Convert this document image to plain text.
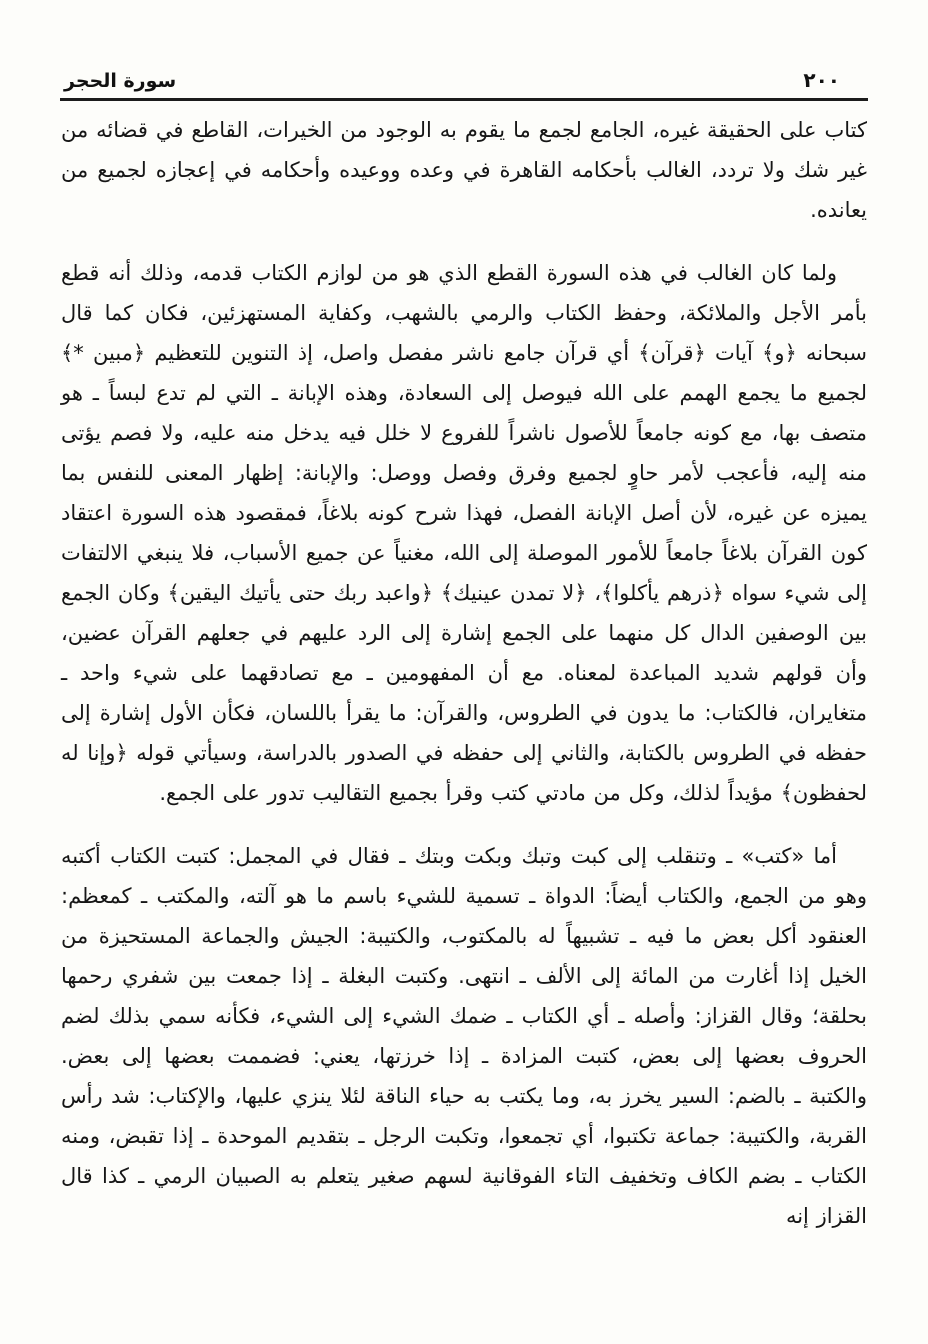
سورة الحجر	٢٠٠

كتاب على الحقيقة غيره، الجامع لجمع ما يقوم به الوجود من الخيرات، القاطع في قضائه من غير شك ولا تردد، الغالب بأحكامه القاهرة في وعده ووعيده وأحكامه في إعجازه لجميع من يعانده.

ولما كان الغالب في هذه السورة القطع الذي هو من لوازم الكتاب قدمه، وذلك أنه قطع بأمر الأجل والملائكة، وحفظ الكتاب والرمي بالشهب، وكفاية المستهزئين، فكان كما قال سبحانه ﴿و﴾ آيات ﴿قرآن﴾ أي قرآن جامع ناشر مفصل واصل، إذ التنوين للتعظيم ﴿مبين *﴾ لجميع ما يجمع الهمم على الله فيوصل إلى السعادة، وهذه الإبانة ـ التي لم تدع لبساً ـ هو متصف بها، مع كونه جامعاً للأصول ناشراً للفروع لا خلل فيه يدخل منه عليه، ولا فصم يؤتى منه إليه، فأعجب لأمر حاوٍ لجميع وفرق وفصل ووصل: والإبانة: إظهار المعنى للنفس بما يميزه عن غيره، لأن أصل الإبانة الفصل، فهذا شرح كونه بلاغاً، فمقصود هذه السورة اعتقاد كون القرآن بلاغاً جامعاً للأمور الموصلة إلى الله، مغنياً عن جميع الأسباب، فلا ينبغي الالتفات إلى شيء سواه ﴿ذرهم يأكلوا﴾، ﴿لا تمدن عينيك﴾ ﴿واعبد ربك حتى يأتيك اليقين﴾ وكان الجمع بين الوصفين الدال كل منهما على الجمع إشارة إلى الرد عليهم في جعلهم القرآن عضين، وأن قولهم شديد المباعدة لمعناه. مع أن المفهومين ـ مع تصادقهما على شيء واحد ـ متغايران، فالكتاب: ما يدون في الطروس، والقرآن: ما يقرأ باللسان، فكأن الأول إشارة إلى حفظه في الطروس بالكتابة، والثاني إلى حفظه في الصدور بالدراسة، وسيأتي قوله ﴿وإنا له لحفظون﴾ مؤيداً لذلك، وكل من مادتي كتب وقرأ بجميع التقاليب تدور على الجمع.

أما «كتب» ـ وتنقلب إلى كبت وتبك وبكت وبتك ـ فقال في المجمل: كتبت الكتاب أكتبه وهو من الجمع، والكتاب أيضاً: الدواة ـ تسمية للشيء باسم ما هو آلته، والمكتب ـ كمعظم: العنقود أكل بعض ما فيه ـ تشبيهاً له بالمكتوب، والكتيبة: الجيش والجماعة المستحيزة من الخيل إذا أغارت من المائة إلى الألف ـ انتهى. وكتبت البغلة ـ إذا جمعت بين شفري رحمها بحلقة؛ وقال القزاز: وأصله ـ أي الكتاب ـ ضمك الشيء إلى الشيء، فكأنه سمي بذلك لضم الحروف بعضها إلى بعض، كتبت المزادة ـ إذا خرزتها، يعني: فضممت بعضها إلى بعض. والكتبة ـ بالضم: السير يخرز به، وما يكتب به حياء الناقة لئلا ينزي عليها، والإكتاب: شد رأس القربة، والكتيبة: جماعة تكتبوا، أي تجمعوا، وتكبت الرجل ـ بتقديم الموحدة ـ إذا تقبض، ومنه الكتاب ـ بضم الكاف وتخفيف التاء الفوقانية لسهم صغير يتعلم به الصبيان الرمي ـ كذا قال القزاز إنه
